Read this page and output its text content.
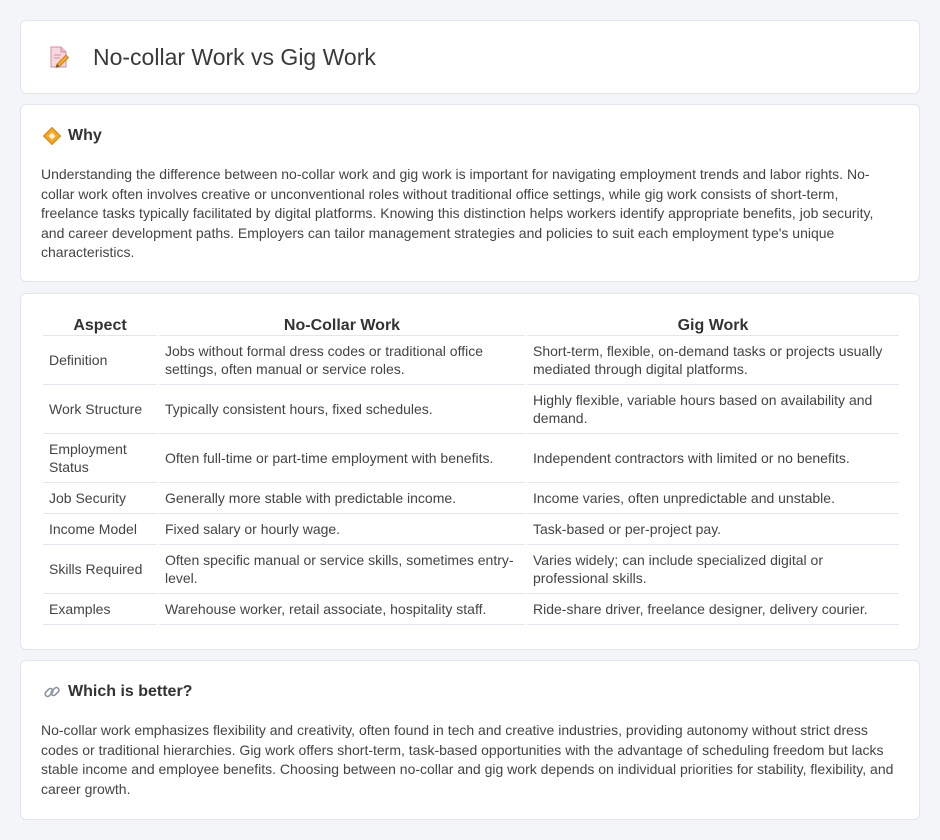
No-collar Work vs Gig Work
Why

Understanding the difference between no-collar work and gig work is important for navigating employment trends and labor rights. No-collar work often involves creative or unconventional roles without traditional office settings, while gig work consists of short-term, freelance tasks typically facilitated by digital platforms. Knowing this distinction helps workers identify appropriate benefits, job security, and career development paths. Employers can tailor management strategies and policies to suit each employment type's unique characteristics.

Aspect	No-Collar Work	Gig Work
Definition	Jobs without formal dress codes or traditional office settings, often manual or service roles.	Short-term, flexible, on-demand tasks or projects usually mediated through digital platforms.
Work Structure	Typically consistent hours, fixed schedules.	Highly flexible, variable hours based on availability and demand.
Employment Status	Often full-time or part-time employment with benefits.	Independent contractors with limited or no benefits.
Job Security	Generally more stable with predictable income.	Income varies, often unpredictable and unstable.
Income Model	Fixed salary or hourly wage.	Task-based or per-project pay.
Skills Required	Often specific manual or service skills, sometimes entry-level.	Varies widely; can include specialized digital or professional skills.
Examples	Warehouse worker, retail associate, hospitality staff.	Ride-share driver, freelance designer, delivery courier.
Which is better?

No-collar work emphasizes flexibility and creativity, often found in tech and creative industries, providing autonomy without strict dress codes or traditional hierarchies. Gig work offers short-term, task-based opportunities with the advantage of scheduling freedom but lacks stable income and employee benefits. Choosing between no-collar and gig work depends on individual priorities for stability, flexibility, and career growth.
